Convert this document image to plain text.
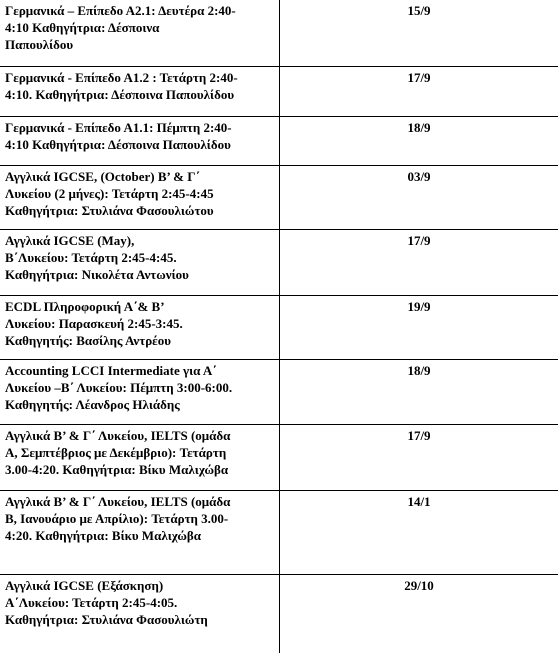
Γερμανικά – Επίπεδο Α2.1: Δευτέρα 2:40-
4:10 Καθηγήτρια: Δέσποινα
Παπουλίδου	15/9
Γερμανικά - Επίπεδο Α1.2 : Τετάρτη 2:40-
4:10. Καθηγήτρια: Δέσποινα Παπουλίδου	17/9
Γερμανικά - Επίπεδο Α1.1: Πέμπτη 2:40-
4:10 Καθηγήτρια: Δέσποινα Παπουλίδου	18/9
Αγγλικά IGCSE, (October) Β’ & Γ΄
Λυκείου (2 μήνες): Τετάρτη 2:45-4:45
Καθηγήτρια: Στυλιάνα Φασουλιώτου	03/9
Αγγλικά IGCSE (May),
Β΄Λυκείου: Τετάρτη 2:45-4:45.
Καθηγήτρια: Νικολέτα Αντωνίου	17/9
ECDL Πληροφορική Α΄& Β’
Λυκείου: Παρασκευή 2:45-3:45.
Καθηγητής: Βασίλης Αντρέου	19/9
Accounting LCCI Intermediate για Α΄
Λυκείου –Β΄ Λυκείου: Πέμπτη 3:00-6:00.
Καθηγητής: Λέανδρος Ηλιάδης	18/9
Αγγλικά Β’ & Γ΄ Λυκείου, IELTS (ομάδα
Α, Σεμπτέβριος με Δεκέμβριο): Τετάρτη
3.00-4:20. Καθηγήτρια: Βίκυ Μαλιχώβα	17/9
Αγγλικά Β’ & Γ΄ Λυκείου, IELTS (ομάδα
Β, Ιανουάριο με Απρίλιο): Τετάρτη 3.00-
4:20. Καθηγήτρια: Βίκυ Μαλιχώβα	14/1
Αγγλικά IGCSE (Εξάσκηση)
Α΄Λυκείου: Τετάρτη 2:45-4:05.
Καθηγήτρια: Στυλιάνα Φασουλιώτη	29/10
